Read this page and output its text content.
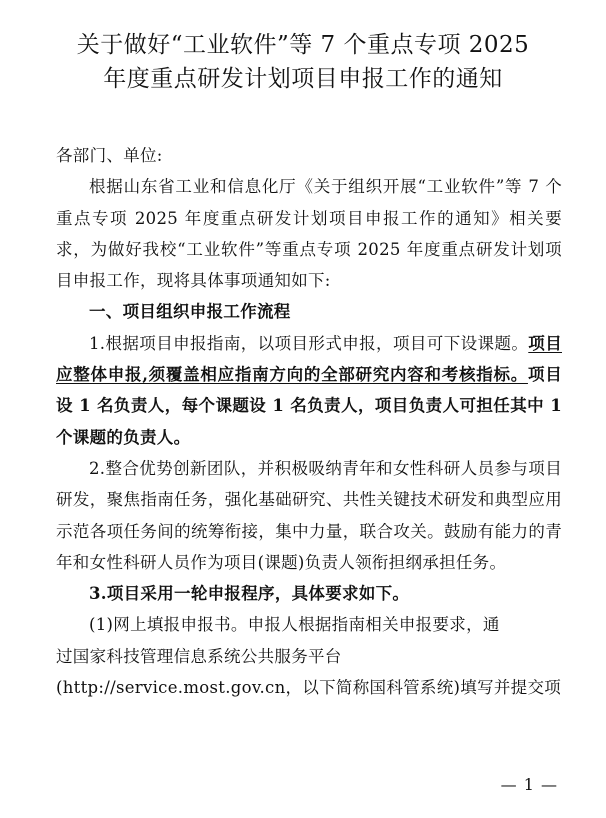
关于做好“工业软件”等 7 个重点专项 2025
年度重点研发计划项目申报工作的通知

各部门、单位:

根据山东省工业和信息化厅《关于组织开展“工业软件”等 7 个重点专项 2025 年度重点研发计划项目申报工作的通知》相关要求，为做好我校“工业软件”等重点专项 2025 年度重点研发计划项目申报工作，现将具体事项通知如下:

一、项目组织申报工作流程

1.根据项目申报指南，以项目形式申报，项目可下设课题。项目应整体申报,须覆盖相应指南方向的全部研究内容和考核指标。项目设 1 名负责人，每个课题设 1 名负责人，项目负责人可担任其中 1 个课题的负责人。

2.整合优势创新团队，并积极吸纳青年和女性科研人员参与项目研发，聚焦指南任务，强化基础研究、共性关键技术研发和典型应用示范各项任务间的统筹衔接，集中力量，联合攻关。鼓励有能力的青年和女性科研人员作为项目(课题)负责人领衔担纲承担任务。

3.项目采用一轮申报程序，具体要求如下。

(1)网上填报申报书。申报人根据指南相关申报要求，通

过国家科技管理信息系统公共服务平台

(http://service.most.gov.cn，以下简称国科管系统)填写并提交项

— 1 —
